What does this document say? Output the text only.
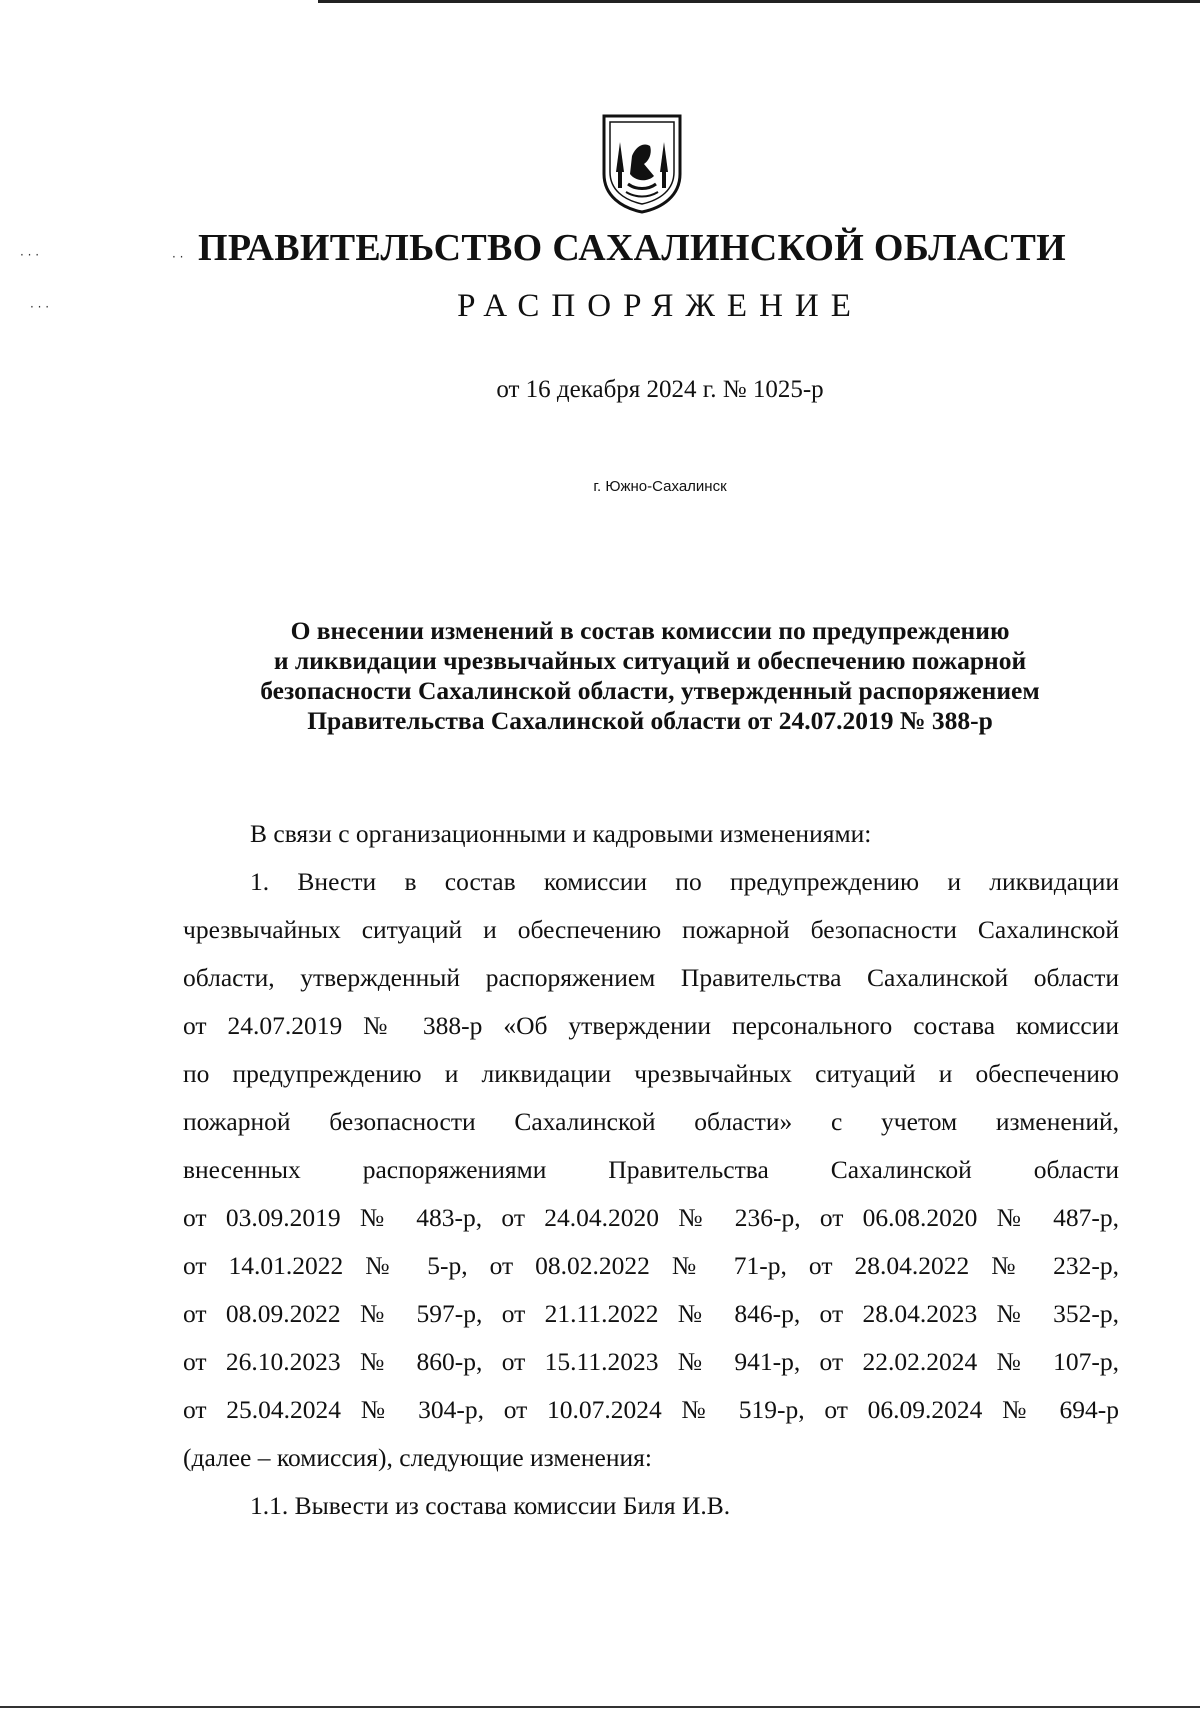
ПРАВИТЕЛЬСТВО САХАЛИНСКОЙ ОБЛАСТИ
РАСПОРЯЖЕНИЕ
от 16 декабря 2024 г. № 1025-р
г. Южно-Сахалинск
О внесении изменений в состав комиссии по предупреждению
и ликвидации чрезвычайных ситуаций и обеспечению пожарной
безопасности Сахалинской области, утвержденный распоряжением
Правительства Сахалинской области от 24.07.2019 № 388-р
В связи с организационными и кадровыми изменениями:
1. Внести в состав комиссии по предупреждению и ликвидации
чрезвычайных ситуаций и обеспечению пожарной безопасности Сахалинской
области, утвержденный распоряжением Правительства Сахалинской области
от 24.07.2019 № 388-р «Об утверждении персонального состава комиссии
по предупреждению и ликвидации чрезвычайных ситуаций и обеспечению
пожарной безопасности Сахалинской области» с учетом изменений,
внесенных распоряжениями Правительства Сахалинской области
от 03.09.2019 № 483-р, от 24.04.2020 № 236-р, от 06.08.2020 № 487-р,
от 14.01.2022 № 5-р, от 08.02.2022 № 71-р, от 28.04.2022 № 232-р,
от 08.09.2022 № 597-р, от 21.11.2022 № 846-р, от 28.04.2023 № 352-р,
от 26.10.2023 № 860-р, от 15.11.2023 № 941-р, от 22.02.2024 № 107-р,
от 25.04.2024 № 304-р, от 10.07.2024 № 519-р, от 06.09.2024 № 694-р
(далее – комиссия), следующие изменения:
1.1. Вывести из состава комиссии Биля И.В.
· · ·
· · ·
· ·
